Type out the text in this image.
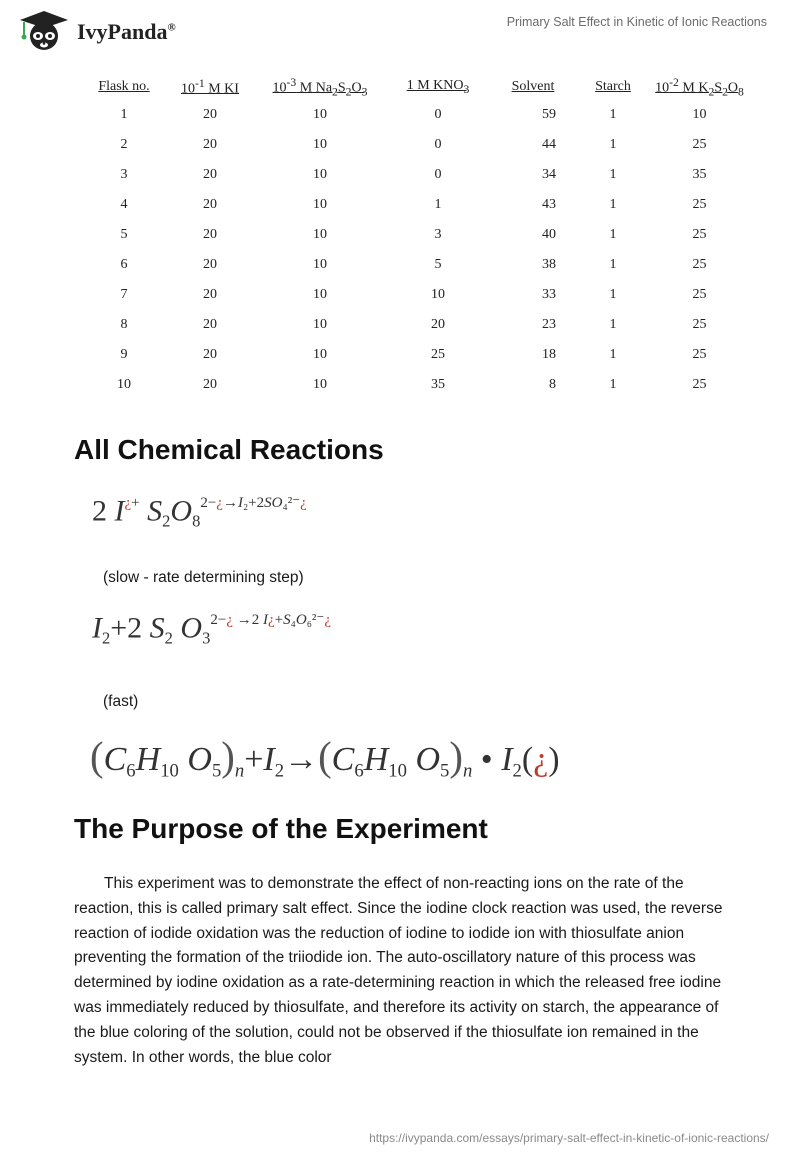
IvyPanda®	Primary Salt Effect in Kinetic of Ionic Reactions
Flask no.	$10^{-1}$ M KI	$10^{-3}$ M $Na_2S_2O_3$	1 M $KNO_3$	Solvent	Starch	$10^{-2}$ M $K_2S_2O_8$
1	20	10	0	59	1	10
2	20	10	0	44	1	25
3	20	10	0	34	1	35
4	20	10	1	43	1	25
5	20	10	3	40	1	25
6	20	10	5	38	1	25
7	20	10	10	33	1	25
8	20	10	20	23	1	25
9	20	10	25	18	1	25
10	20	10	35	8	1	25
All Chemical Reactions
2 I¿+ $S_2O_8^{2-¿\to I_2+2SO_4^{2-}¿}$
(slow - rate determining step)
$I_2+2$ $S_2$ $O_3^{2-¿ \to 2 I¿+S_4O_6^{2-}¿}$
(fast)
($C_6H_{10}$ $O_5)_n+I_2\to(C_6H_{10}$ $O_5)_n$ • $I_2(¿)$
The Purpose of the Experiment

This experiment was to demonstrate the effect of non-reacting ions on the rate of the reaction, this is called primary salt effect. Since the iodine clock reaction was used, the reverse reaction of iodide oxidation was the reduction of iodine to iodide ion with thiosulfate anion preventing the formation of the triiodide ion. The auto-oscillatory nature of this process was determined by iodine oxidation as a rate-determining reaction in which the released free iodine was immediately reduced by thiosulfate, and therefore its activity on starch, the appearance of the blue coloring of the solution, could not be observed if the thiosulfate ion remained in the system. In other words, the blue color

https://ivypanda.com/essays/primary-salt-effect-in-kinetic-of-ionic-reactions/
